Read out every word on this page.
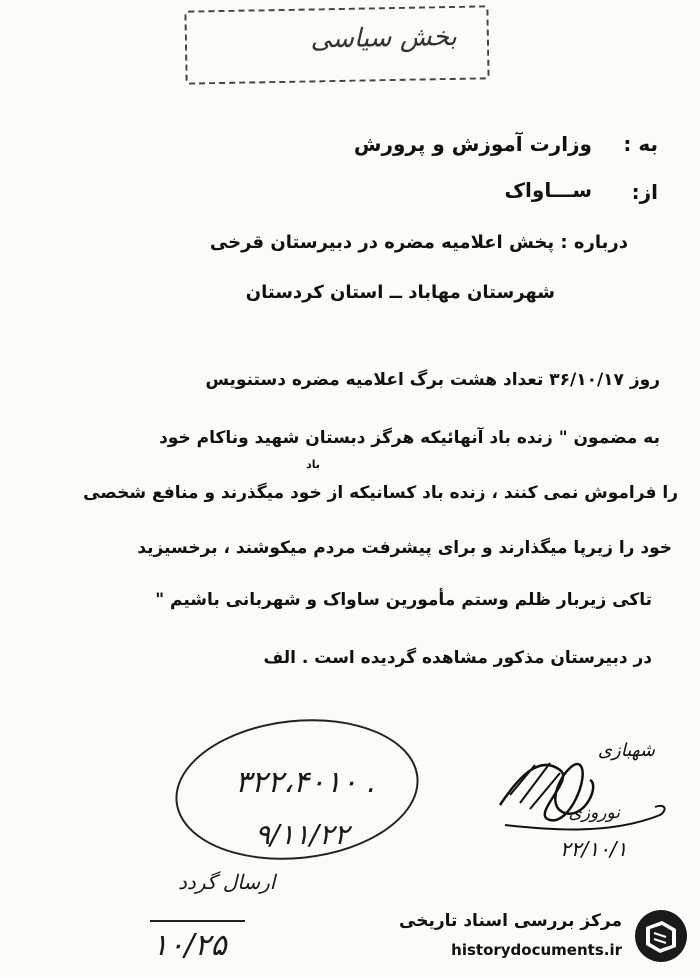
بخش سیاسی
به :
وزارت آموزش و پرورش
از:
ســـاواک
درباره : پخش اعلامیه مضره در دبیرستان قرخی
شهرستان مهاباد ــ استان کردستان
روز ۳۶/۱۰/۱۷ تعداد هشت برگ اعلامیه مضره دستنویس
به مضمون " زنده باد آنهائیکه هرگز دبستان شهید وناکام خود
باد
را فراموش نمی کنند ، زنده باد کسانیکه از خود میگذرند و منافع شخصی
خود را زیرپا میگذارند و برای پیشرفت مردم میکوشند ، برخسیزید
تاکی زیربار ظلم وستم مأمورین ساواک و شهربانی باشیم "
در دبیرستان مذکور مشاهده گردیده است . الف
۳۲۲،۴۰۱۰ .
۹/۱۱/۲۲
ارسال گردد
۱۰/۲۵
شهبازی
نوروزی
۲۲/۱۰/۱
مرکز بررسی اسناد تاریخی
historydocuments.ir
